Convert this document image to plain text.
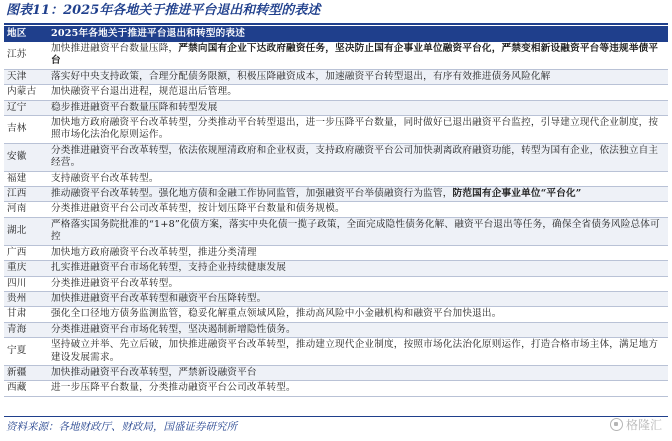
图表11：2025年各地关于推进平台退出和转型的表述
地区	2025年各地关于推进平台退出和转型的表述
江苏	加快推进融资平台数量压降，严禁向国有企业下达政府融资任务，坚决防止国有企事业单位融资平台化，严禁变相新设融资平台等违规举债平台
天津	落实好中央支持政策，合理分配债务限额，积极压降融资成本，加速融资平台转型退出，有序有效推进债务风险化解
内蒙古	加快融资平台退出进程，规范退出后管理。
辽宁	稳步推进融资平台数量压降和转型发展
吉林	加快地方政府融资平台改革转型，分类推动平台转型退出，进一步压降平台数量，同时做好已退出融资平台监控，引导建立现代企业制度，按照市场化法治化原则运作。
安徽	分类推进融资平台改革转型，依法依规厘清政府和企业权责，支持政府融资平台公司加快剥离政府融资功能，转型为国有企业，依法独立自主经营。
福建	支持融资平台改革转型。
江西	推动融资平台改革转型。强化地方债和金融工作协同监管，加强融资平台举债融资行为监管，防范国有企事业单位“平台化”
河南	分类推进融资平台公司改革转型，按计划压降平台数量和债务规模。
湖北	严格落实国务院批准的“1+8”化债方案，落实中央化债一揽子政策，全面完成隐性债务化解、融资平台退出等任务，确保全省债务风险总体可控
广西	加快地方政府融资平台改革转型，推进分类清理
重庆	扎实推进融资平台市场化转型，支持企业持续健康发展
四川	分类推进融资平台改革转型。
贵州	加快推进融资平台改革转型和融资平台压降转型。
甘肃	强化全口径地方债务监测监管，稳妥化解重点领域风险，推动高风险中小金融机构和融资平台加快退出。
青海	分类推进融资平台市场化转型，坚决遏制新增隐性债务。
宁夏	坚持破立并举、先立后破，加快推进融资平台改革转型，推动建立现代企业制度，按照市场化法治化原则运作，打造合格市场主体，满足地方建设发展需求。
新疆	加快推动融资平台改革转型，严禁新设融资平台
西藏	进一步压降平台数量，分类推动融资平台公司改革转型。
资料来源：各地财政厅、财政局，国盛证券研究所	格隆汇
